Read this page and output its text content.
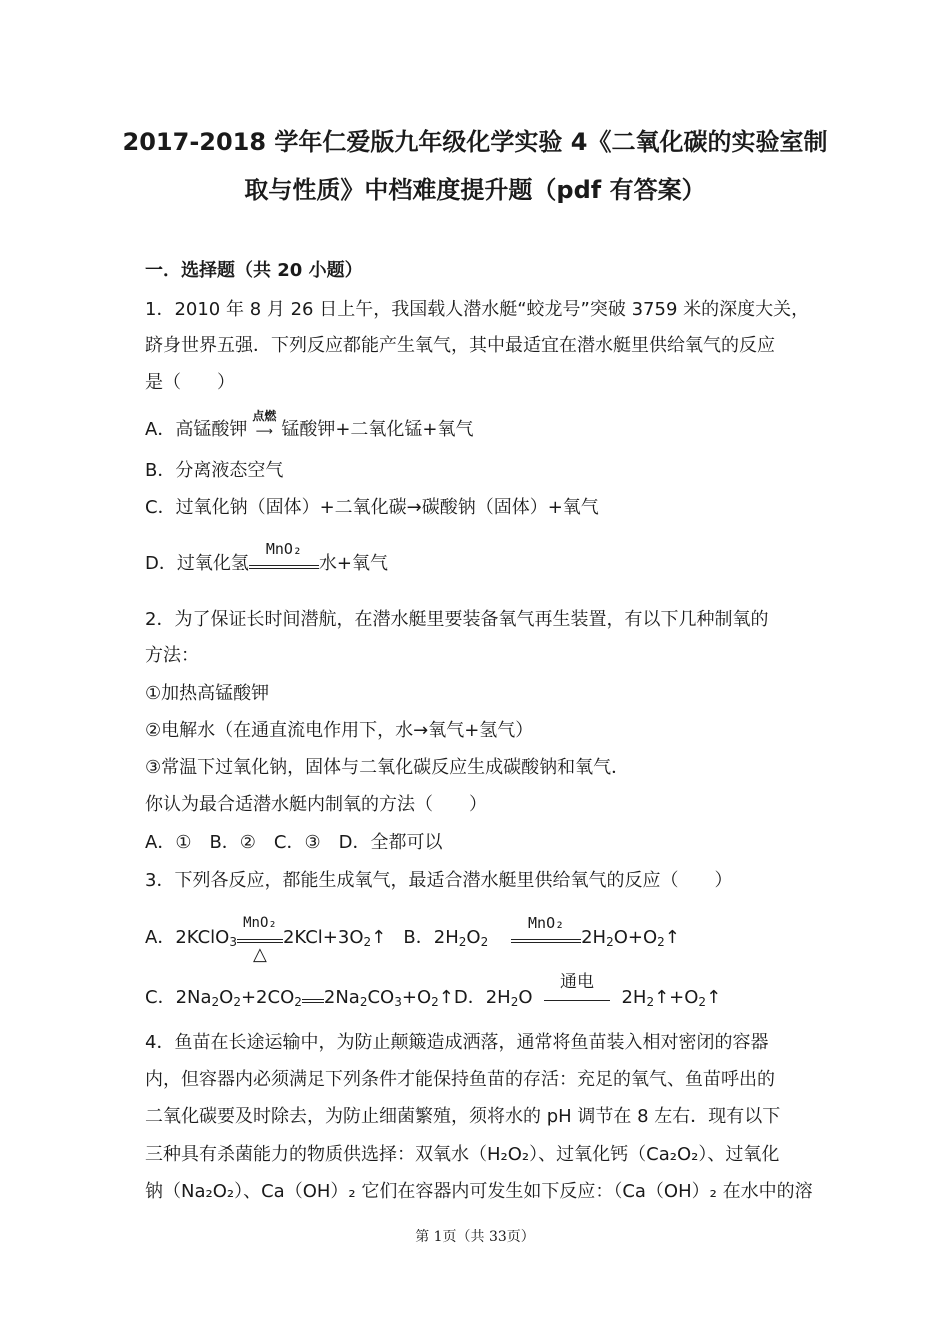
2017-2018 学年仁爱版九年级化学实验 4《二氧化碳的实验室制
取与性质》中档难度提升题（pdf 有答案）
一．选择题（共 20 小题）
1．2010 年 8 月 26 日上午，我国载人潜水艇“蛟龙号”突破 3759 米的深度大关，
跻身世界五强．下列反应都能产生氧气，其中最适宜在潜水艇里供给氧气的反应
是（　　）
A．高锰酸钾
点燃
⟶ 锰酸钾+二氧化锰+氧气
B．分离液态空气
C．过氧化钠（固体）+二氧化碳→碳酸钠（固体）+氧气
D．过氧化氢
MnO₂
水+氧气
2．为了保证长时间潜航，在潜水艇里要装备氧气再生装置，有以下几种制氧的
方法：
①加热高锰酸钾
②电解水（在通直流电作用下，水→氧气+氢气）
③常温下过氧化钠，固体与二氧化碳反应生成碳酸钠和氧气．
你认为最合适潜水艇内制氧的方法（　　）
A．①　B．②　C．③　D．全都可以
3．下列各反应，都能生成氧气，最适合潜水艇里供给氧气的反应（　　）
A．2KClO$_3$
MnO₂
△
$2KCl+3O_2↑$   B．$2H_2O_2$
MnO₂
$2H_2O+O_2↑$
C．$2Na_2O_2+2CO_2$ $2Na_2CO_3+O_2↑D$．$2H_2O$
通电
$2H_2↑+O_2↑$
4．鱼苗在长途运输中，为防止颠簸造成洒落，通常将鱼苗装入相对密闭的容器
内，但容器内必须满足下列条件才能保持鱼苗的存活：充足的氧气、鱼苗呼出的
二氧化碳要及时除去，为防止细菌繁殖，须将水的 pH 调节在 8 左右．现有以下
三种具有杀菌能力的物质供选择：双氧水（H₂O₂）、过氧化钙（Ca₂O₂）、过氧化
钠（Na₂O₂）、Ca（OH）₂ 它们在容器内可发生如下反应：（Ca（OH）₂ 在水中的溶
第 1页（共 33页）
